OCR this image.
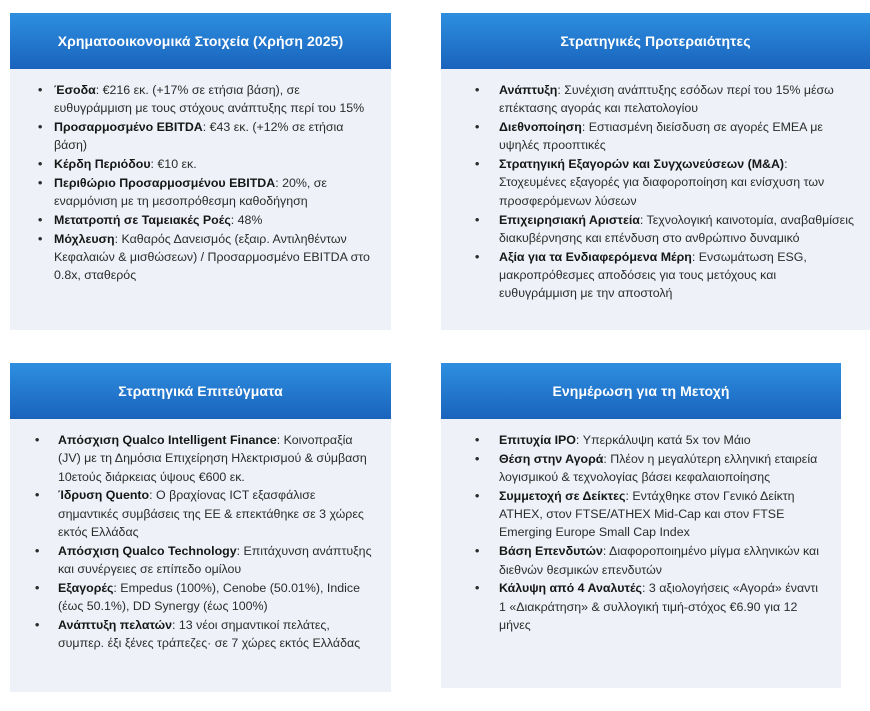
Χρηματοοικονομικά Στοιχεία (Χρήση 2025)
• Έσοδα: €216 εκ. (+17% σε ετήσια βάση), σε ευθυγράμμιση με τους στόχους ανάπτυξης περί του 15%
• Προσαρμοσμένο EBITDA: €43 εκ. (+12% σε ετήσια βάση)
• Κέρδη Περιόδου: €10 εκ.
• Περιθώριο Προσαρμοσμένου EBITDA: 20%, σε εναρμόνιση με τη μεσοπρόθεσμη καθοδήγηση
• Μετατροπή σε Ταμειακές Ροές: 48%
• Μόχλευση: Καθαρός Δανεισμός (εξαιρ. Αντιληθέντων Κεφαλαιών & μισθώσεων) / Προσαρμοσμένο EBITDA στο 0.8x, σταθερός
Στρατηγικές Προτεραιότητες
• Ανάπτυξη: Συνέχιση ανάπτυξης εσόδων περί του 15% μέσω επέκτασης αγοράς και πελατολογίου
• Διεθνοποίηση: Εστιασμένη διείσδυση σε αγορές EMEA με υψηλές προοπτικές
• Στρατηγική Εξαγορών και Συγχωνεύσεων (M&A): Στοχευμένες εξαγορές για διαφοροποίηση και ενίσχυση των προσφερόμενων λύσεων
• Επιχειρησιακή Αριστεία: Τεχνολογική καινοτομία, αναβαθμίσεις διακυβέρνησης και επένδυση στο ανθρώπινο δυναμικό
• Αξία για τα Ενδιαφερόμενα Μέρη: Ενσωμάτωση ESG, μακροπρόθεσμες αποδόσεις για τους μετόχους και ευθυγράμμιση με την αποστολή
Στρατηγικά Επιτεύγματα
• Απόσχιση Qualco Intelligent Finance: Κοινοπραξία (JV) με τη Δημόσια Επιχείρηση Ηλεκτρισμού & σύμβαση 10ετούς διάρκειας ύψους €600 εκ.
• Ίδρυση Quento: Ο βραχίονας ICT εξασφάλισε σημαντικές συμβάσεις της ΕΕ & επεκτάθηκε σε 3 χώρες εκτός Ελλάδας
• Απόσχιση Qualco Technology: Επιτάχυνση ανάπτυξης και συνέργειες σε επίπεδο ομίλου
• Εξαγορές: Empedus (100%), Cenobe (50.01%), Indice (έως 50.1%), DD Synergy (έως 100%)
• Ανάπτυξη πελατών: 13 νέοι σημαντικοί πελάτες, συμπερ. έξι ξένες τράπεζες· σε 7 χώρες εκτός Ελλάδας
Ενημέρωση για τη Μετοχή
• Επιτυχία IPO: Υπερκάλυψη κατά 5x τον Μάιο
• Θέση στην Αγορά: Πλέον η μεγαλύτερη ελληνική εταιρεία λογισμικού & τεχνολογίας βάσει κεφαλαιοποίησης
• Συμμετοχή σε Δείκτες: Εντάχθηκε στον Γενικό Δείκτη ATHEX, στον FTSE/ATHEX Mid-Cap και στον FTSE Emerging Europe Small Cap Index
• Βάση Επενδυτών: Διαφοροποιημένο μίγμα ελληνικών και διεθνών θεσμικών επενδυτών
• Κάλυψη από 4 Αναλυτές: 3 αξιολογήσεις «Αγορά» έναντι 1 «Διακράτηση» & συλλογική τιμή-στόχος €6.90 για 12 μήνες
